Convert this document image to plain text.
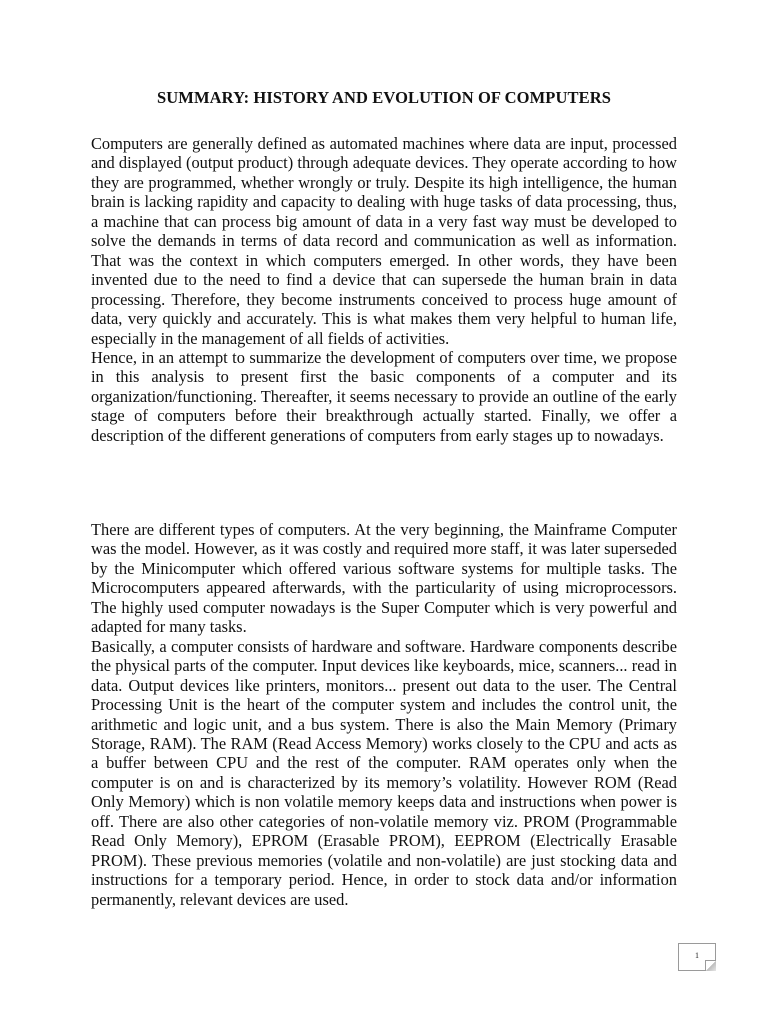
SUMMARY: HISTORY AND EVOLUTION OF COMPUTERS

Computers are generally defined as automated machines where data are input, processed and displayed (output product) through adequate devices. They operate according to how they are programmed, whether wrongly or truly. Despite its high intelligence, the human brain is lacking rapidity and capacity to dealing with huge tasks of data processing, thus, a machine that can process big amount of data in a very fast way must be developed to solve the demands in terms of data record and communication as well as information. That was the context in which computers emerged. In other words, they have been invented due to the need to find a device that can supersede the human brain in data processing. Therefore, they become instruments conceived to process huge amount of data, very quickly and accurately. This is what makes them very helpful to human life, especially in the management of all fields of activities.

Hence, in an attempt to summarize the development of computers over time, we propose in this analysis to present first the basic components of a computer and its organization/functioning. Thereafter, it seems necessary to provide an outline of the early stage of computers before their breakthrough actually started. Finally, we offer a description of the different generations of computers from early stages up to nowadays.

There are different types of computers. At the very beginning, the Mainframe Computer was the model. However, as it was costly and required more staff, it was later superseded by the Minicomputer which offered various software systems for multiple tasks. The Microcomputers appeared afterwards, with the particularity of using microprocessors. The highly used computer nowadays is the Super Computer which is very powerful and adapted for many tasks.

Basically, a computer consists of hardware and software. Hardware components describe the physical parts of the computer. Input devices like keyboards, mice, scanners... read in data. Output devices like printers, monitors... present out data to the user. The Central Processing Unit is the heart of the computer system and includes the control unit, the arithmetic and logic unit, and a bus system. There is also the Main Memory (Primary Storage, RAM). The RAM (Read Access Memory) works closely to the CPU and acts as a buffer between CPU and the rest of the computer. RAM operates only when the computer is on and is characterized by its memory’s volatility. However ROM (Read Only Memory) which is non volatile memory keeps data and instructions when power is off. There are also other categories of non-volatile memory viz. PROM (Programmable Read Only Memory), EPROM (Erasable PROM), EEPROM (Electrically Erasable PROM). These previous memories (volatile and non-volatile) are just stocking data and instructions for a temporary period. Hence, in order to stock data and/or information permanently, relevant devices are used.

1
